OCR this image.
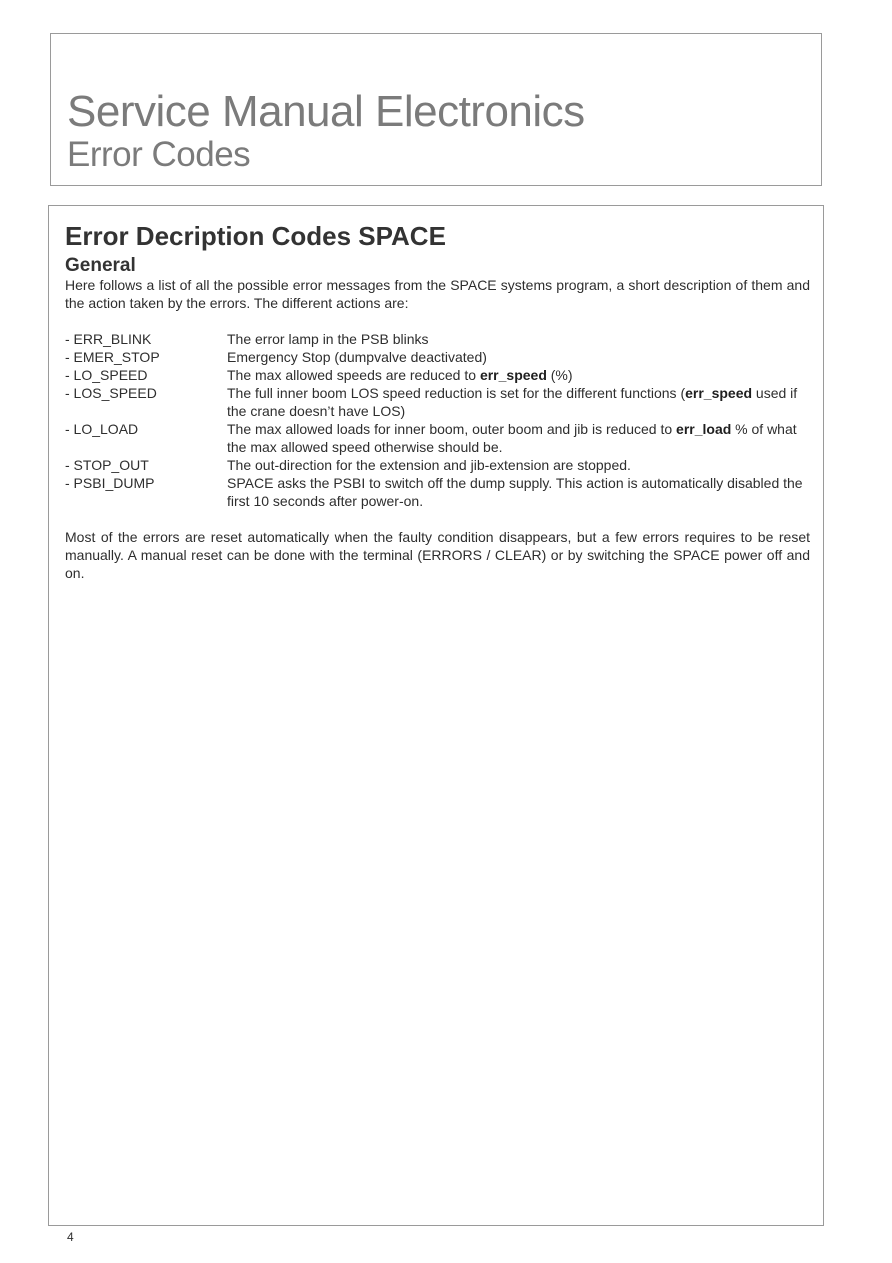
Service Manual Electronics
Error Codes
Error Decription Codes SPACE
General

Here follows a list of all the possible error messages from the SPACE systems program, a short description of them and the action taken by the errors. The different actions are:

- ERR_BLINK	The error lamp in the PSB blinks
- EMER_STOP	Emergency Stop (dumpvalve deactivated)
- LO_SPEED	The max allowed speeds are reduced to err_speed (%)
- LOS_SPEED	The full inner boom LOS speed reduction is set for the different functions (err_speed used if the crane doesn’t have LOS)
- LO_LOAD	The max allowed loads for inner boom, outer boom and jib is reduced to err_load % of what the max allowed speed otherwise should be.
- STOP_OUT	The out-direction for the extension and jib-extension are stopped.
- PSBI_DUMP	SPACE asks the PSBI to switch off the dump supply. This action is automatically disabled the first 10 seconds after power-on.

Most of the errors are reset automatically when the faulty condition disappears, but a few errors requires to be reset manually. A manual reset can be done with the terminal (ERRORS / CLEAR) or by switching the SPACE power off and on.

4
